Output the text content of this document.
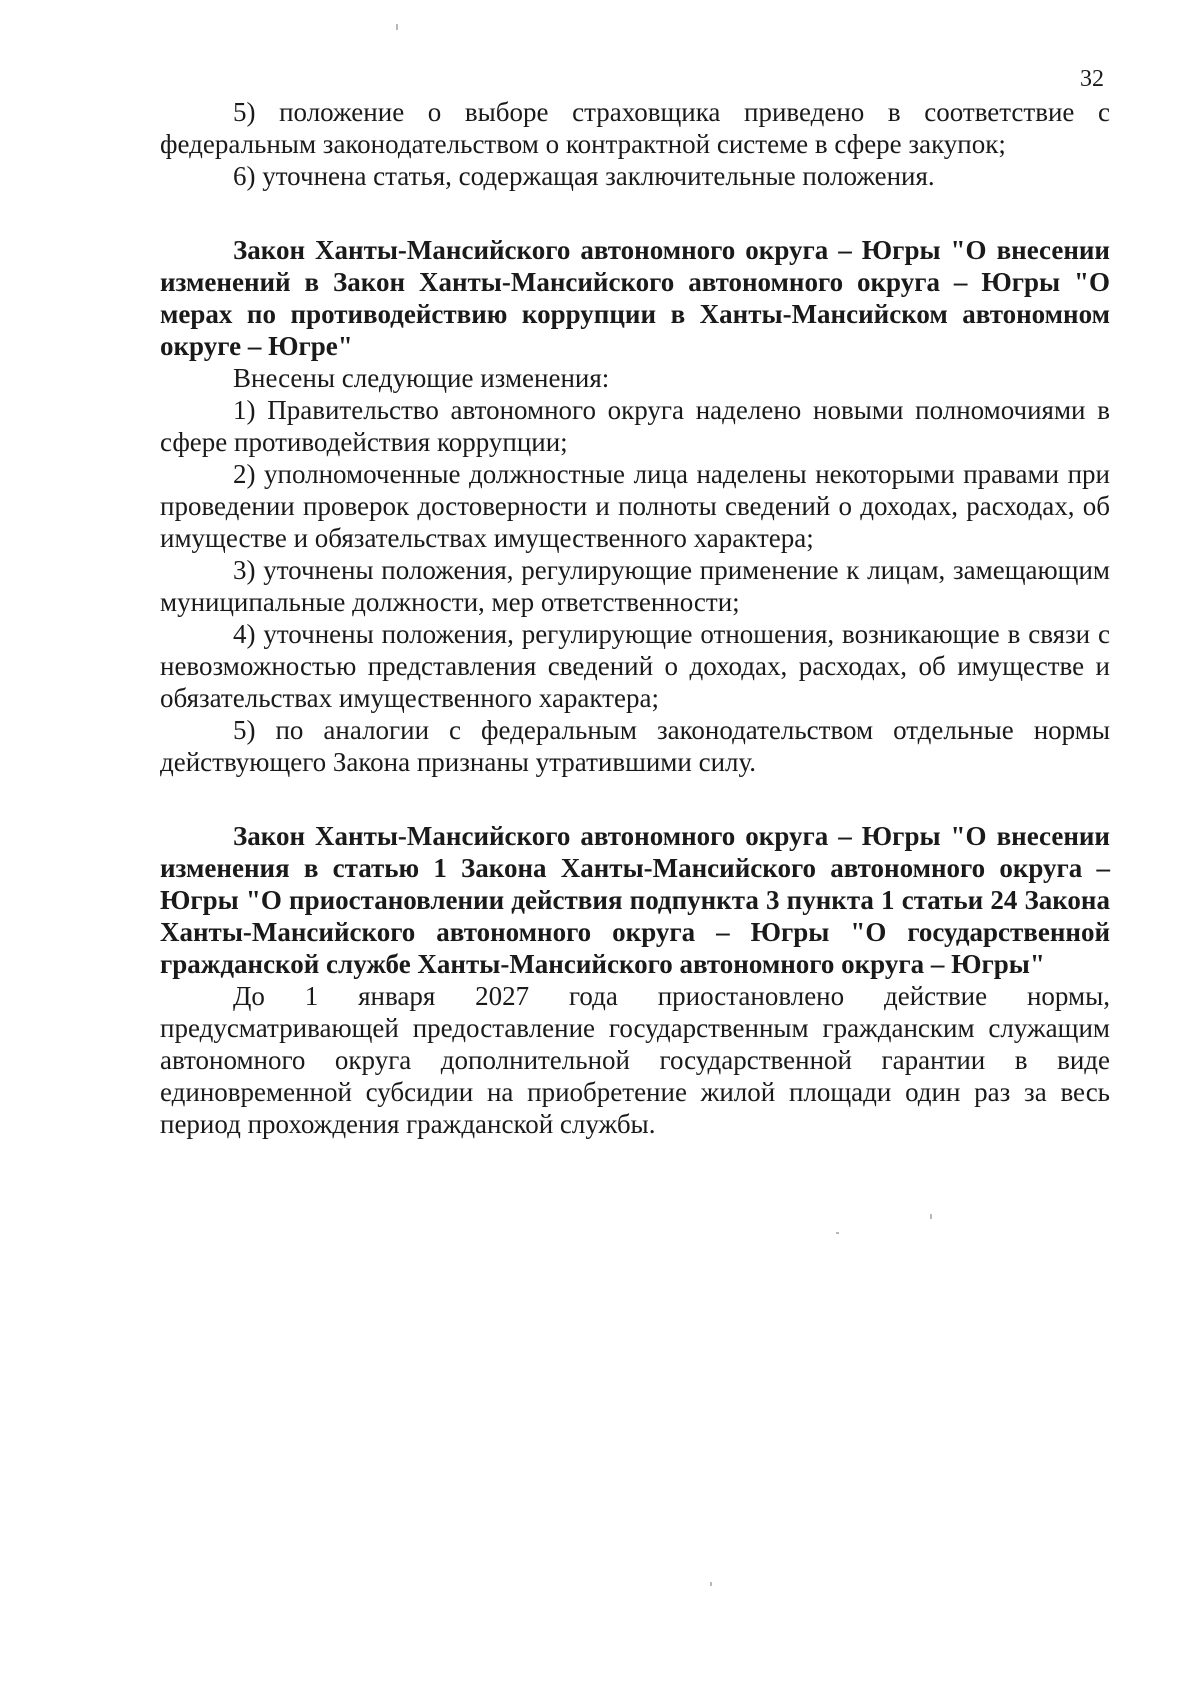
32

5) положение о выборе страховщика приведено в соответствие с федеральным законодательством о контрактной системе в сфере закупок;

6) уточнена статья, содержащая заключительные положения.

Закон Ханты-Мансийского автономного округа – Югры "О внесении изменений в Закон Ханты-Мансийского автономного округа – Югры "О мерах по противодействию коррупции в Ханты-Мансийском автономном округе – Югре"

Внесены следующие изменения:

1) Правительство автономного округа наделено новыми полномочиями в сфере противодействия коррупции;

2) уполномоченные должностные лица наделены некоторыми правами при проведении проверок достоверности и полноты сведений о доходах, расходах, об имуществе и обязательствах имущественного характера;

3) уточнены положения, регулирующие применение к лицам, замещающим муниципальные должности, мер ответственности;

4) уточнены положения, регулирующие отношения, возникающие в связи с невозможностью представления сведений о доходах, расходах, об имуществе и обязательствах имущественного характера;

5) по аналогии с федеральным законодательством отдельные нормы действующего Закона признаны утратившими силу.

Закон Ханты-Мансийского автономного округа – Югры "О внесении изменения в статью 1 Закона Ханты-Мансийского автономного округа – Югры "О приостановлении действия подпункта 3 пункта 1 статьи 24 Закона Ханты-Мансийского автономного округа – Югры "О государственной гражданской службе Ханты-Мансийского автономного округа – Югры"

До 1 января 2027 года приостановлено действие нормы, предусматривающей предоставление государственным гражданским служащим автономного округа дополнительной государственной гарантии в виде единовременной субсидии на приобретение жилой площади один раз за весь период прохождения гражданской службы.
